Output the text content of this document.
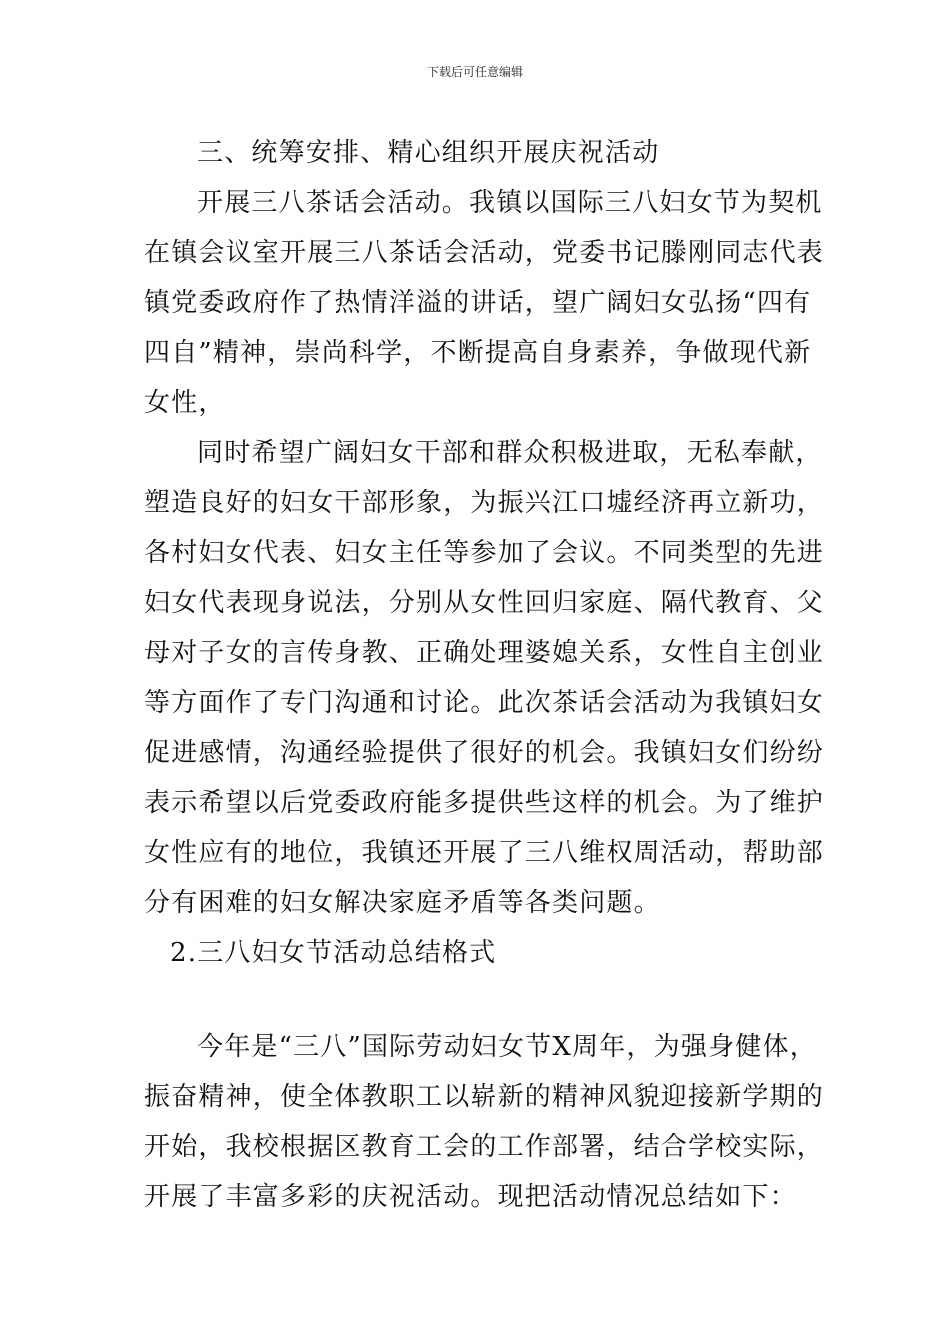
下载后可任意编辑
三、统筹安排、精心组织开展庆祝活动
开展三八茶话会活动。我镇以国际三八妇女节为契机
在镇会议室开展三八茶话会活动，党委书记滕刚同志代表
镇党委政府作了热情洋溢的讲话，望广阔妇女弘扬“四有
四自”精神，崇尚科学，不断提高自身素养，争做现代新
女性，
同时希望广阔妇女干部和群众积极进取，无私奉献，
塑造良好的妇女干部形象，为振兴江口墟经济再立新功，
各村妇女代表、妇女主任等参加了会议。不同类型的先进
妇女代表现身说法，分别从女性回归家庭、隔代教育、父
母对子女的言传身教、正确处理婆媳关系，女性自主创业
等方面作了专门沟通和讨论。此次茶话会活动为我镇妇女
促进感情，沟通经验提供了很好的机会。我镇妇女们纷纷
表示希望以后党委政府能多提供些这样的机会。为了维护
女性应有的地位，我镇还开展了三八维权周活动，帮助部
分有困难的妇女解决家庭矛盾等各类问题。
2.三八妇女节活动总结格式
今年是“三八”国际劳动妇女节X周年，为强身健体，
振奋精神，使全体教职工以崭新的精神风貌迎接新学期的
开始，我校根据区教育工会的工作部署，结合学校实际，
开展了丰富多彩的庆祝活动。现把活动情况总结如下：
